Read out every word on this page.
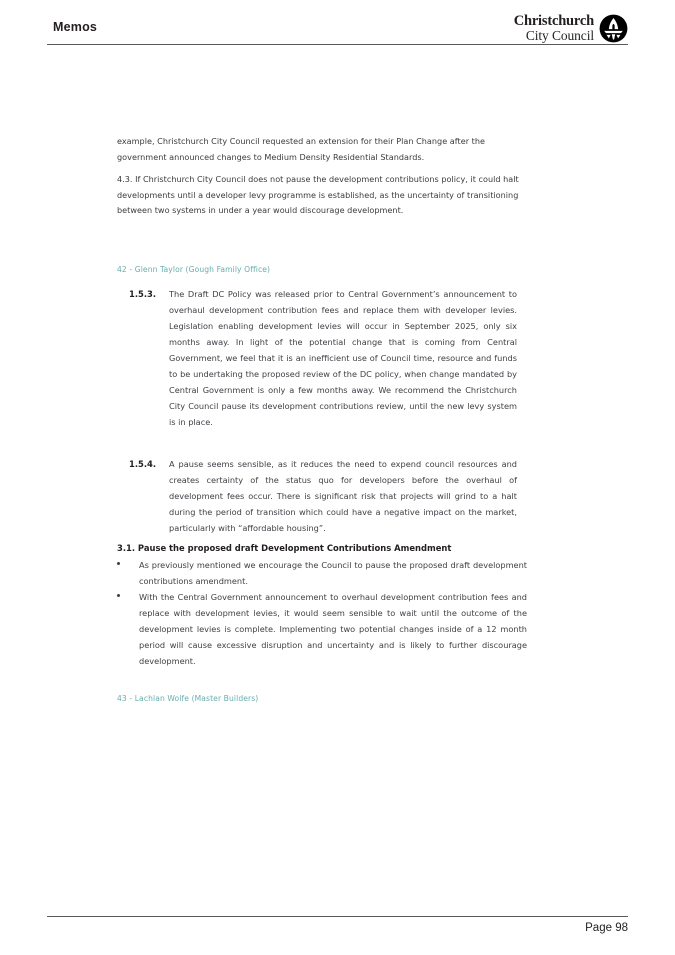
Memos	Christchurch
City Council

example, Christchurch City Council requested an extension for their Plan Change after the government announced changes to Medium Density Residential Standards.

4.3. If Christchurch City Council does not pause the development contributions policy, it could halt developments until a developer levy programme is established, as the uncertainty of transitioning between two systems in under a year would discourage development.

42 - Glenn Taylor (Gough Family Office)
1.5.3.	The Draft DC Policy was released prior to Central Government’s announcement to overhaul development contribution fees and replace them with developer levies. Legislation enabling development levies will occur in September 2025, only six months away. In light of the potential change that is coming from Central Government, we feel that it is an inefficient use of Council time, resource and funds to be undertaking the proposed review of the DC policy, when change mandated by Central Government is only a few months away. We recommend the Christchurch City Council pause its development contributions review, until the new levy system is in place.
1.5.4.	A pause seems sensible, as it reduces the need to expend council resources and creates certainty of the status quo for developers before the overhaul of development fees occur. There is significant risk that projects will grind to a halt during the period of transition which could have a negative impact on the market, particularly with “affordable housing”.
3.1. Pause the proposed draft Development Contributions Amendment
As previously mentioned we encourage the Council to pause the proposed draft development contributions amendment.
With the Central Government announcement to overhaul development contribution fees and replace with development levies, it would seem sensible to wait until the outcome of the development levies is complete. Implementing two potential changes inside of a 12 month period will cause excessive disruption and uncertainty and is likely to further discourage development.
43 - Lachlan Wolfe (Master Builders)
Page 98
